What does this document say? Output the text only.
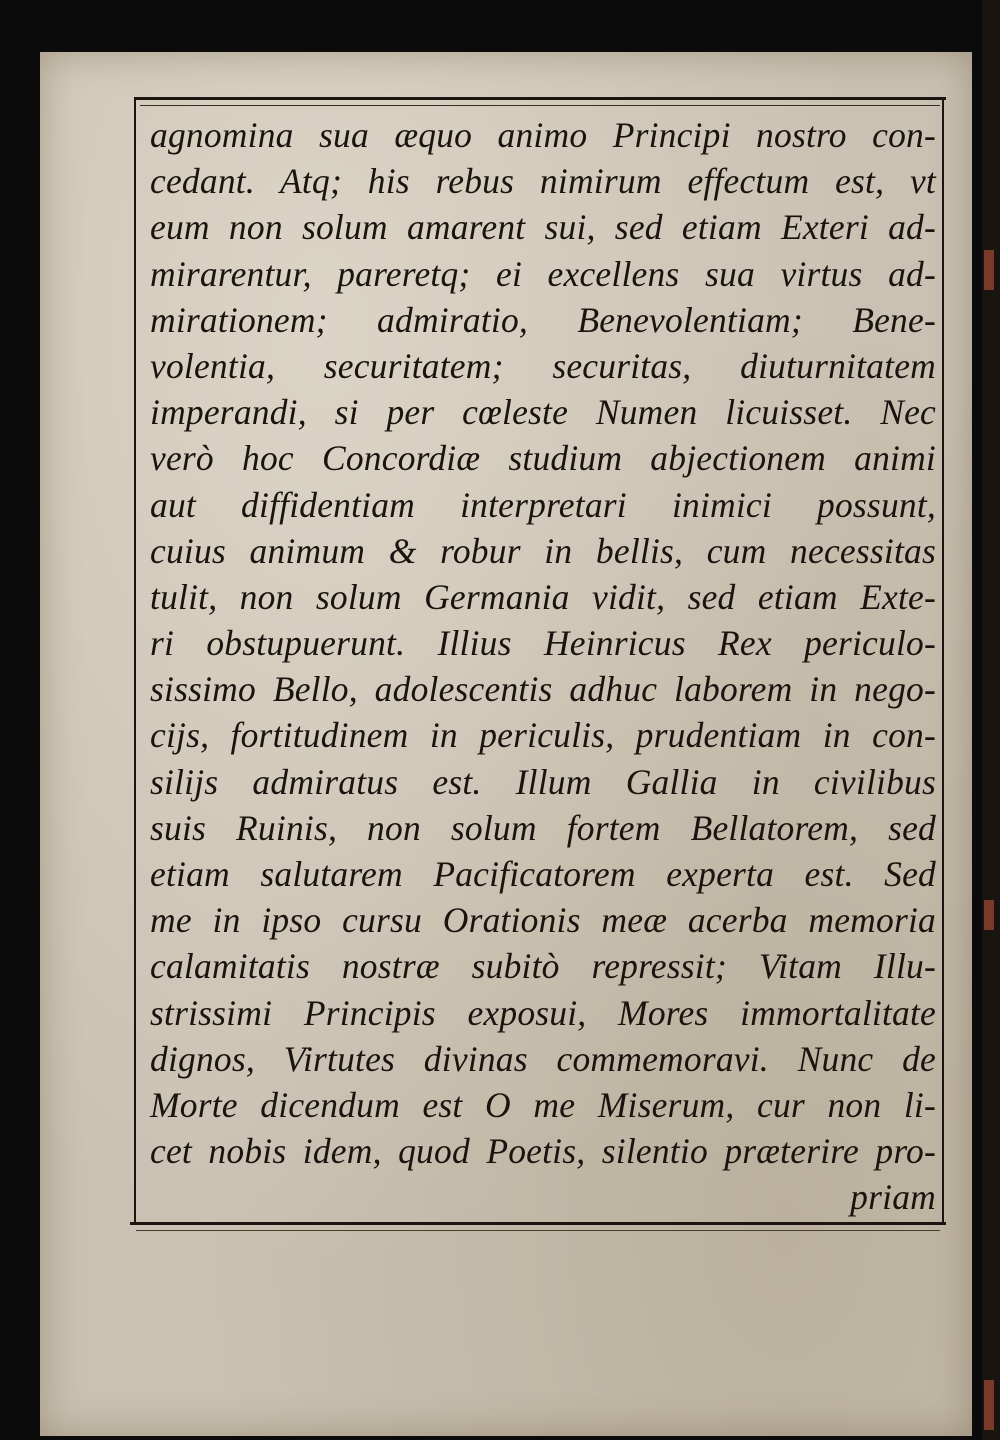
agnomina sua æquo animo Principi nostro con-
cedant. Atq; his rebus nimirum effectum est, vt
eum non solum amarent sui, sed etiam Exteri ad-
mirarentur, pareretq; ei excellens sua virtus ad-
mirationem; admiratio, Benevolentiam; Bene-
volentia, securitatem; securitas, diuturnitatem
imperandi, si per cœleste Numen licuisset. Nec
verò hoc Concordiæ studium abjectionem animi
aut diffidentiam interpretari inimici possunt,
cuius animum & robur in bellis, cum necessitas
tulit, non solum Germania vidit, sed etiam Exte-
ri obstupuerunt. Illius Heinricus Rex periculo-
sissimo Bello, adolescentis adhuc laborem in nego-
cijs, fortitudinem in periculis, prudentiam in con-
silijs admiratus est. Illum Gallia in civilibus
suis Ruinis, non solum fortem Bellatorem, sed
etiam salutarem Pacificatorem experta est. Sed
me in ipso cursu Orationis meæ acerba memoria
calamitatis nostræ subitò repressit; Vitam Illu-
strissimi Principis exposui, Mores immortalitate
dignos, Virtutes divinas commemoravi. Nunc de
Morte dicendum est O me Miserum, cur non li-
cet nobis idem, quod Poetis, silentio præterire pro-
priam
